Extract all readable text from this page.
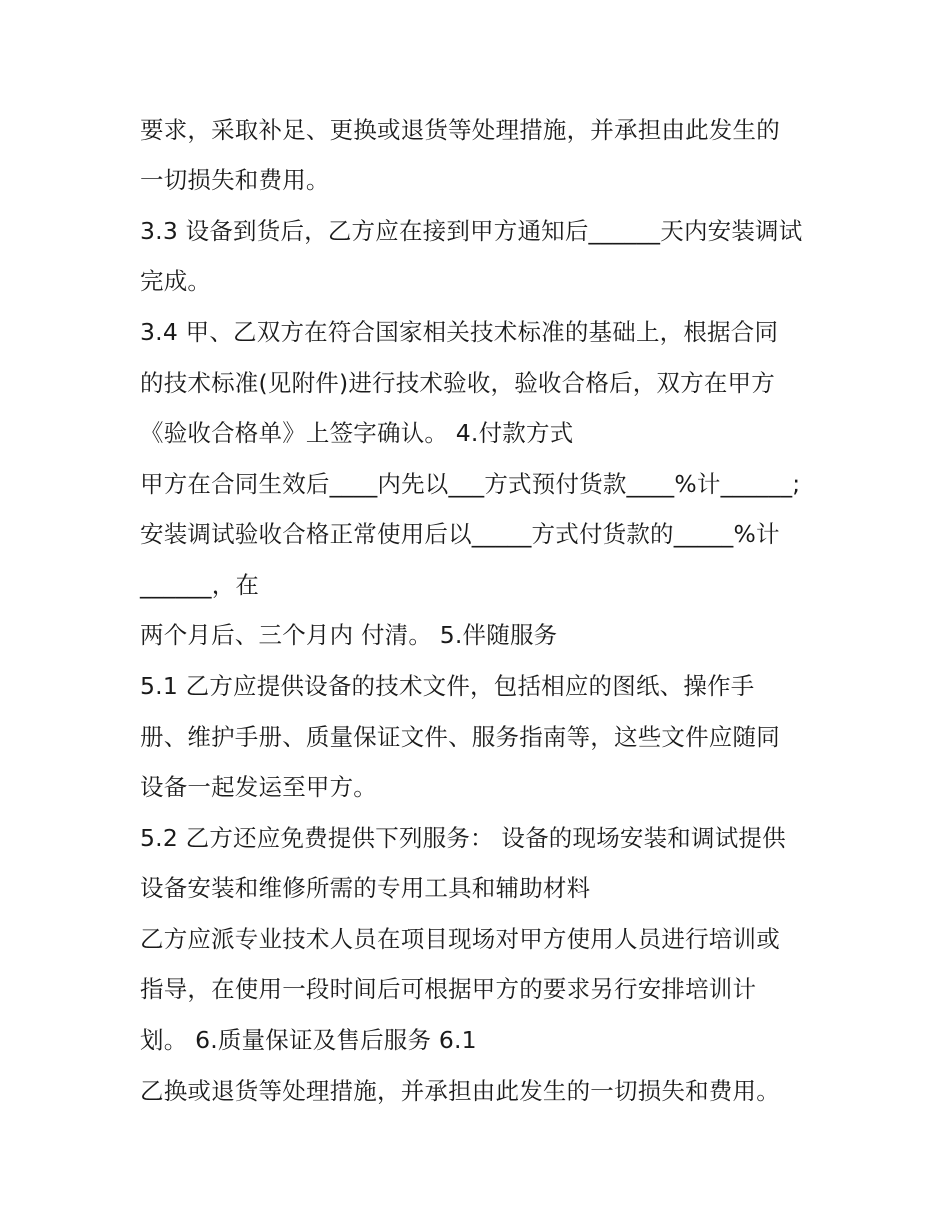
要求，采取补足、更换或退货等处理措施，并承担由此发生的
一切损失和费用。
3.3 设备到货后，乙方应在接到甲方通知后______天内安装调试
完成。
3.4 甲、乙双方在符合国家相关技术标准的基础上，根据合同
的技术标准(见附件)进行技术验收，验收合格后，双方在甲方
《验收合格单》上签字确认。 4.付款方式
甲方在合同生效后____内先以___方式预付货款____%计______;
安装调试验收合格正常使用后以_____方式付货款的_____%计
______，在
两个月后、三个月内 付清。 5.伴随服务
5.1 乙方应提供设备的技术文件，包括相应的图纸、操作手
册、维护手册、质量保证文件、服务指南等，这些文件应随同
设备一起发运至甲方。
5.2 乙方还应免费提供下列服务： 设备的现场安装和调试提供
设备安装和维修所需的专用工具和辅助材料
乙方应派专业技术人员在项目现场对甲方使用人员进行培训或
指导，在使用一段时间后可根据甲方的要求另行安排培训计
划。 6.质量保证及售后服务 6.1
乙换或退货等处理措施，并承担由此发生的一切损失和费用。
